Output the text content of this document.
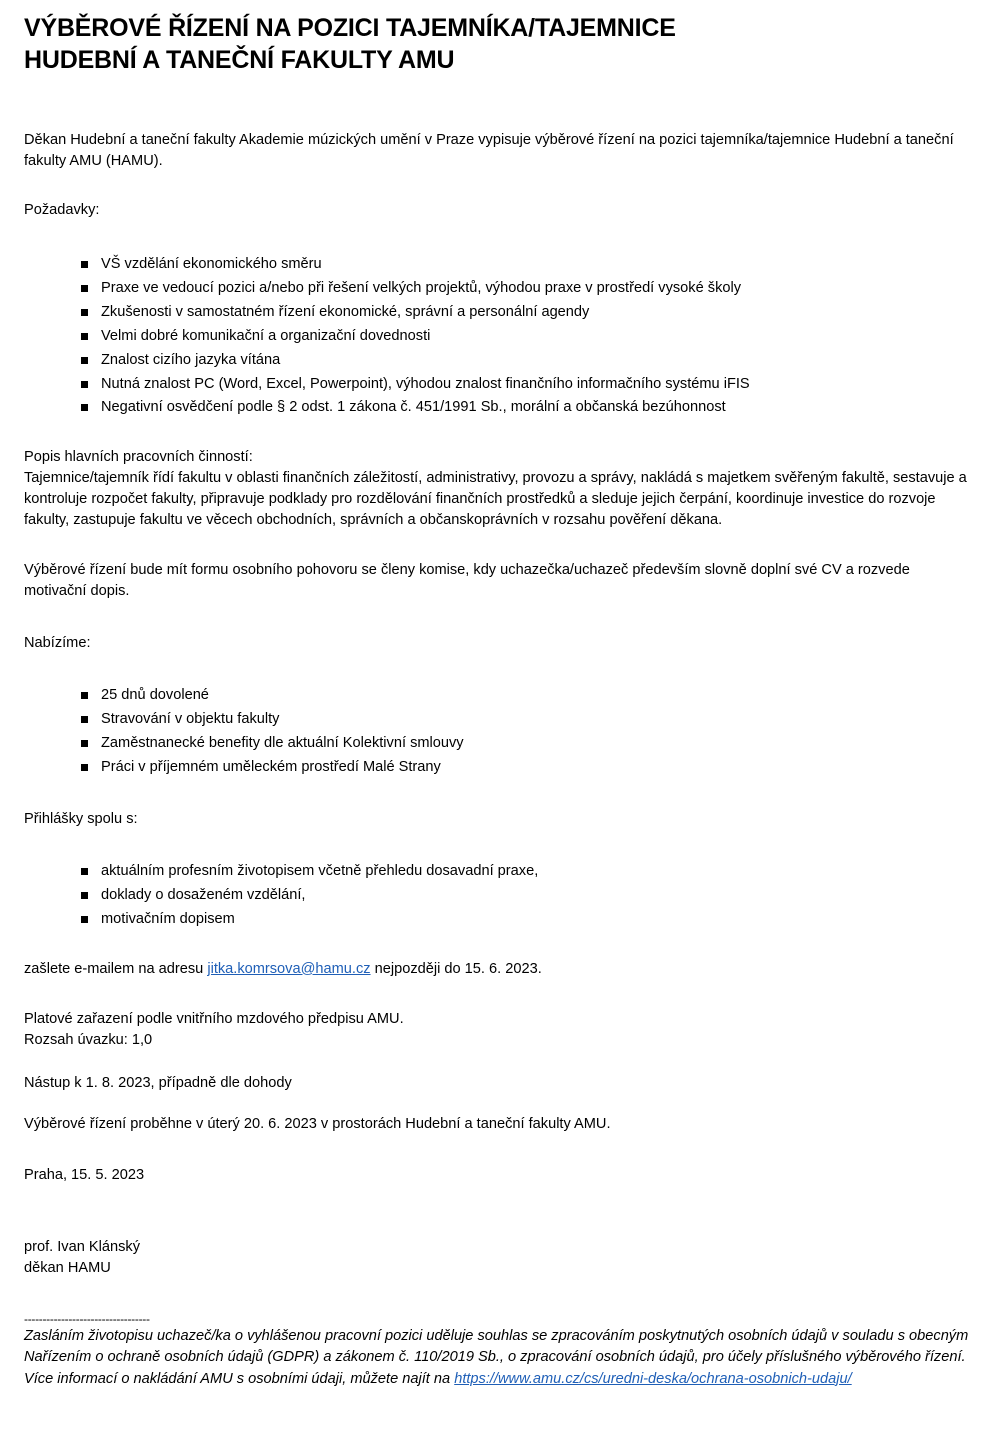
VÝBĚROVÉ ŘÍZENÍ NA POZICI TAJEMNÍKA/TAJEMNICE
HUDEBNÍ A TANEČNÍ FAKULTY AMU

Děkan Hudební a taneční fakulty Akademie múzických umění v Praze vypisuje výběrové řízení na pozici tajemníka/tajemnice Hudební a taneční fakulty AMU (HAMU).

Požadavky:

VŠ vzdělání ekonomického směru
Praxe ve vedoucí pozici a/nebo při řešení velkých projektů, výhodou praxe v prostředí vysoké školy
Zkušenosti v samostatném řízení ekonomické, správní a personální agendy
Velmi dobré komunikační a organizační dovednosti
Znalost cizího jazyka vítána
Nutná znalost PC (Word, Excel, Powerpoint), výhodou znalost finančního informačního systému iFIS
Negativní osvědčení podle § 2 odst. 1 zákona č. 451/1991 Sb., morální a občanská bezúhonnost

Popis hlavních pracovních činností:

Tajemnice/tajemník řídí fakultu v oblasti finančních záležitostí, administrativy, provozu a správy, nakládá s majetkem svěřeným fakultě, sestavuje a kontroluje rozpočet fakulty, připravuje podklady pro rozdělování finančních prostředků a sleduje jejich čerpání, koordinuje investice do rozvoje fakulty, zastupuje fakultu ve věcech obchodních, správních a občanskoprávních v rozsahu pověření děkana.

Výběrové řízení bude mít formu osobního pohovoru se členy komise, kdy uchazečka/uchazeč především slovně doplní své CV a rozvede motivační dopis.

Nabízíme:

25 dnů dovolené
Stravování v objektu fakulty
Zaměstnanecké benefity dle aktuální Kolektivní smlouvy
Práci v příjemném uměleckém prostředí Malé Strany

Přihlášky spolu s:

aktuálním profesním životopisem včetně přehledu dosavadní praxe,
doklady o dosaženém vzdělání,
motivačním dopisem

zašlete e-mailem na adresu jitka.komrsova@hamu.cz nejpozději do 15. 6. 2023.

Platové zařazení podle vnitřního mzdového předpisu AMU.

Rozsah úvazku: 1,0

Nástup k 1. 8. 2023, případně dle dohody

Výběrové řízení proběhne v úterý 20. 6. 2023 v prostorách Hudební a taneční fakulty AMU.

Praha, 15. 5. 2023

prof. Ivan Klánský

děkan HAMU

----------------------------------

Zasláním životopisu uchazeč/ka o vyhlášenou pracovní pozici uděluje souhlas se zpracováním poskytnutých osobních údajů v souladu s obecným Nařízením o ochraně osobních údajů (GDPR) a zákonem č. 110/2019 Sb., o zpracování osobních údajů, pro účely příslušného výběrového řízení. Více informací o nakládání AMU s osobními údaji, můžete najít na https://www.amu.cz/cs/uredni-deska/ochrana-osobnich-udaju/
